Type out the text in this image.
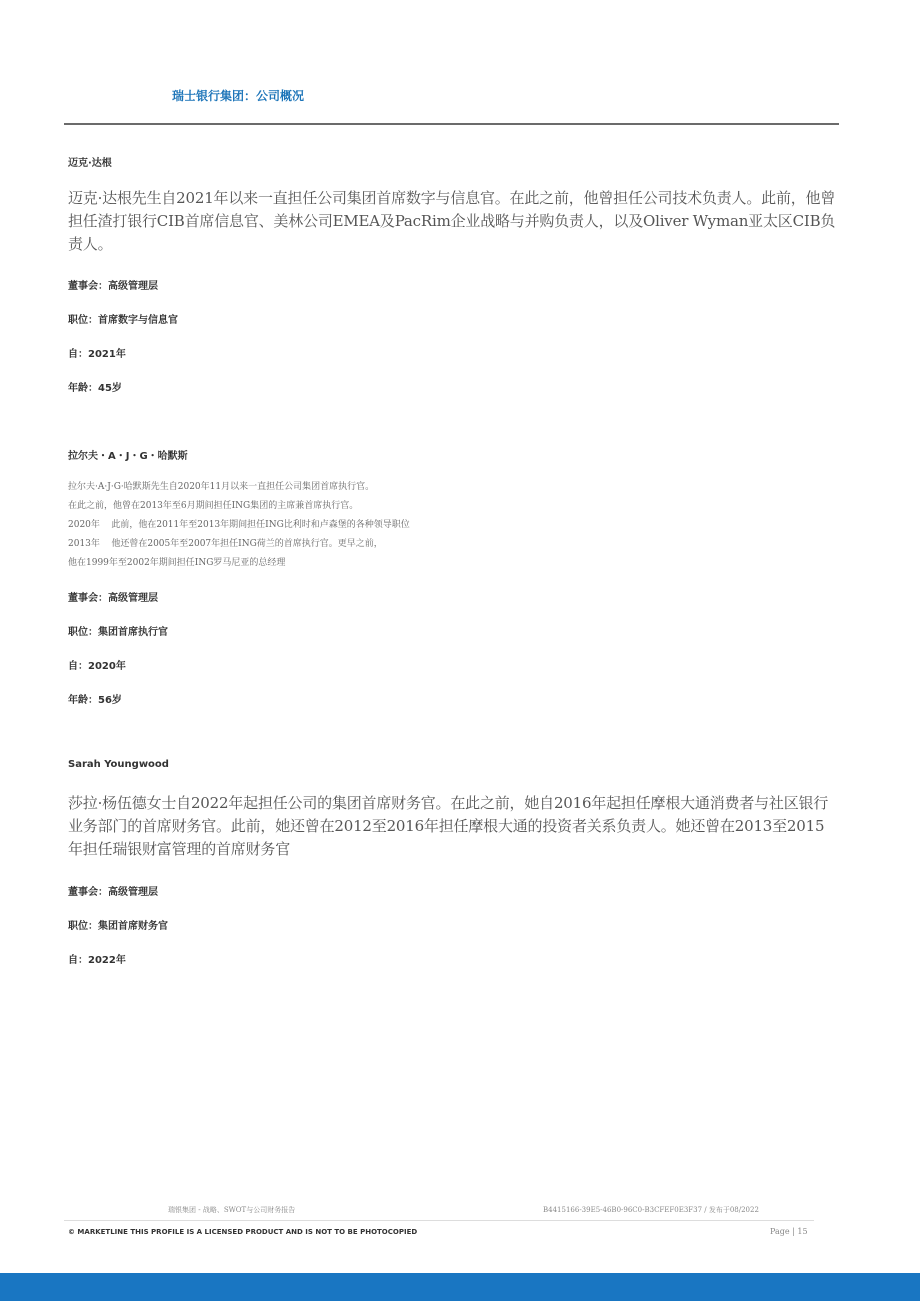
瑞士银行集团：公司概况
迈克·达根
迈克·达根先生自2021年以来一直担任公司集团首席数字与信息官。在此之前，他曾担任公司技术负责人。此前，他曾担任渣打银行CIB首席信息官、美林公司EMEA及PacRim企业战略与并购负责人，以及Oliver Wyman亚太区CIB负责人。
董事会：高级管理层
职位：首席数字与信息官
自：2021年
年龄：45岁
拉尔夫・A・J・G・哈默斯
拉尔夫·A·J·G·哈默斯先生自2020年11月以来一直担任公司集团首席执行官。
在此之前，他曾在2013年至6月期间担任ING集团的主席兼首席执行官。
2020年    此前，他在2011年至2013年期间担任ING比利时和卢森堡的各种领导职位
2013年    他还曾在2005年至2007年担任ING荷兰的首席执行官。更早之前，
他在1999年至2002年期间担任ING罗马尼亚的总经理
董事会：高级管理层
职位：集团首席执行官
自：2020年
年龄：56岁
Sarah Youngwood
莎拉·杨伍德女士自2022年起担任公司的集团首席财务官。在此之前，她自2016年起担任摩根大通消费者与社区银行业务部门的首席财务官。此前，她还曾在2012至2016年担任摩根大通的投资者关系负责人。她还曾在2013至2015年担任瑞银财富管理的首席财务官
董事会：高级管理层
职位：集团首席财务官
自：2022年
瑞银集团 - 战略、SWOT与公司财务报告	B4415166-39E5-46B0-96C0-B3CFEF0E3F37 / 发布于08/2022
© MARKETLINE THIS PROFILE IS A LICENSED PRODUCT AND IS NOT TO BE PHOTOCOPIED	Page | 15
